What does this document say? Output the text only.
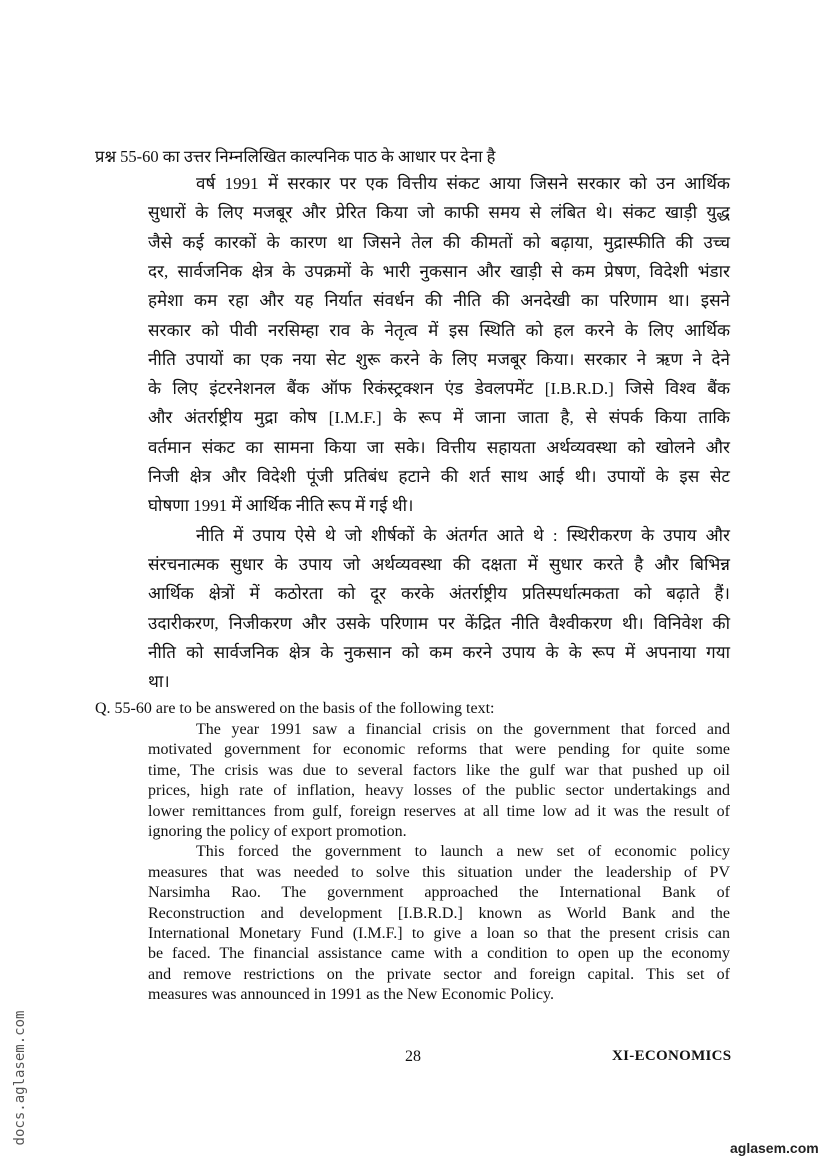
प्रश्न 55-60 का उत्तर निम्नलिखित काल्पनिक पाठ के आधार पर देना है
वर्ष 1991 में सरकार पर एक वित्तीय संकट आया जिसने सरकार को उन आर्थिक
सुधारों के लिए मजबूर और प्रेरित किया जो काफी समय से लंबित थे। संकट खाड़ी युद्ध
जैसे कई कारकों के कारण था जिसने तेल की कीमतों को बढ़ाया, मुद्रास्फीति की उच्च
दर, सार्वजनिक क्षेत्र के उपक्रमों के भारी नुकसान और खाड़ी से कम प्रेषण, विदेशी भंडार
हमेशा कम रहा और यह निर्यात संवर्धन की नीति की अनदेखी का परिणाम था। इसने
सरकार को पीवी नरसिम्हा राव के नेतृत्व में इस स्थिति को हल करने के लिए आर्थिक
नीति उपायों का एक नया सेट शुरू करने के लिए मजबूर किया। सरकार ने ऋण ने देने
के लिए इंटरनेशनल बैंक ऑफ रिकंस्ट्रक्शन एंड डेवलपमेंट [I.B.R.D.] जिसे विश्व बैंक
और अंतर्राष्ट्रीय मुद्रा कोष [I.M.F.] के रूप में जाना जाता है, से संपर्क किया ताकि
वर्तमान संकट का सामना किया जा सके। वित्तीय सहायता अर्थव्यवस्था को खोलने और
निजी क्षेत्र और विदेशी पूंजी प्रतिबंध हटाने की शर्त साथ आई थी। उपायों के इस सेट
घोषणा 1991 में आर्थिक नीति रूप में गई थी।
नीति में उपाय ऐसे थे जो शीर्षकों के अंतर्गत आते थे : स्थिरीकरण के उपाय और
संरचनात्मक सुधार के उपाय जो अर्थव्यवस्था की दक्षता में सुधार करते है और बिभिन्न
आर्थिक क्षेत्रों में कठोरता को दूर करके अंतर्राष्ट्रीय प्रतिस्पर्धात्मकता को बढ़ाते हैं।
उदारीकरण, निजीकरण और उसके परिणाम पर केंद्रित नीति वैश्वीकरण थी। विनिवेश की
नीति को सार्वजनिक क्षेत्र के नुकसान को कम करने उपाय के के रूप में अपनाया गया
था।
Q. 55-60 are to be answered on the basis of the following text:
The year 1991 saw a financial crisis on the government that forced and
motivated government for economic reforms that were pending for quite some
time, The crisis was due to several factors like the gulf war that pushed up oil
prices, high rate of inflation, heavy losses of the public sector undertakings and
lower remittances from gulf, foreign reserves at all time low ad it was the result of
ignoring the policy of export promotion.
This forced the government to launch a new set of economic policy
measures that was needed to solve this situation under the leadership of PV
Narsimha Rao. The government approached the International Bank of
Reconstruction and development [I.B.R.D.] known as World Bank and the
International Monetary Fund (I.M.F.] to give a loan so that the present crisis can
be faced. The financial assistance came with a condition to open up the economy
and remove restrictions on the private sector and foreign capital. This set of
measures was announced in 1991 as the New Economic Policy.
28	XI-ECONOMICS
docs.aglasem.com
aglasem.com
